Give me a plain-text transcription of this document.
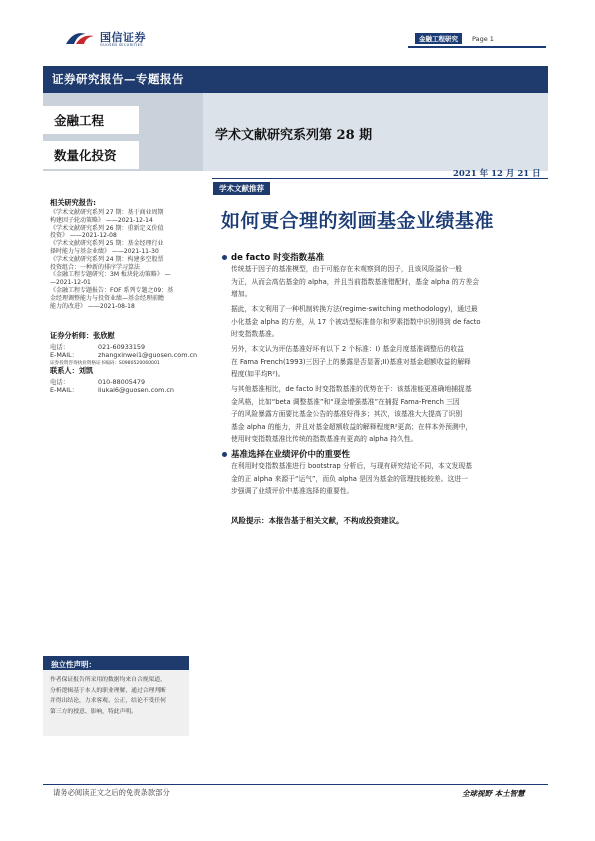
国信证券
GUOSEN SECURITIES
金融工程研究	Page 1
证券研究报告—专题报告
金融工程
数量化投资
学术文献研究系列第 28 期
2021 年 12 月 21 日
学术文献推荐
如何更合理的刻画基金业绩基准
de facto 时变指数基准
传统基于因子的基准模型，由于可能存在未观察到的因子，且该风险溢价一般
为正，从而会高估基金的 alpha，并且当前指数基准错配时，基金 alpha 的方差会
增加。
据此，本文利用了一种机制转换方法(regime-switching methodology)，通过最
小化基金 alpha 的方差，从 17 个被动型标准普尔和罗素指数中识别得到 de facto
时变指数基准。
另外，本文认为评估基准好坏有以下 2 个标准：I) 基金月度基准调整后的收益
在 Fama French(1993)三因子上的暴露是否显著;II)基准对基金超额收益的解释
程度(如平均R²)。
与其他基准相比，de facto 时变指数基准的优势在于：该基准能更准确地捕捉基
金风格，比如“beta 调整基准”和“现金增强基准”在捕捉 Fama-French 三因
子的风险暴露方面要比基金公告的基准好得多；其次，该基准大大提高了识别
基金 alpha 的能力，并且对基金超额收益的解释程度R²更高；在样本外预测中，
使用时变指数基准比传统的指数基准有更高的 alpha 持久性。
基准选择在业绩评价中的重要性
在利用时变指数基准进行 bootstrap 分析后，与现有研究结论不同，本文发现基
金的正 alpha 来源于“运气”，而负 alpha 是因为基金的管理技能较差。这进一
步强调了业绩评价中基准选择的重要性。
风险提示：本报告基于相关文献，不构成投资建议。
相关研究报告:
《学术文献研究系列 27 期：基于商业周期
构建因子轮动策略》 ——2021-12-14
《学术文献研究系列 26 期：重新定义价值
投资》 ——2021-12-08
《学术文献研究系列 25 期：基金经理行业
择时能力与基金业绩》 ——2021-11-30
《学术文献研究系列 24 期：构建多空股票
投资组合：一种新的排序学习算法
《金融工程专题研究：3M 板块轮动策略》 —
—2021-12-01
《金融工程专题报告：FOF 系列专题之09：基
金经理调整能力与投资业绩—基金经理前瞻
能力的改进》 ——2021-08-18
证券分析师：张欣慰
电话：	021-60933159
E-MAIL：	zhangxinwei1@guosen.com.cn
证券投资咨询执业资格证书编码：S0980520060001
联系人：刘凯
电话：	010-88005479
E-MAIL：	liukai6@guosen.com.cn
独立性声明：
作者保证报告所采用的数据均来自合规渠道，
分析逻辑基于本人的职业理解，通过合理判断
并得出结论，力求客观、公正，结论不受任何
第三方的授意、影响，特此声明。
请务必阅读正文之后的免责条款部分	全球视野 本土智慧
